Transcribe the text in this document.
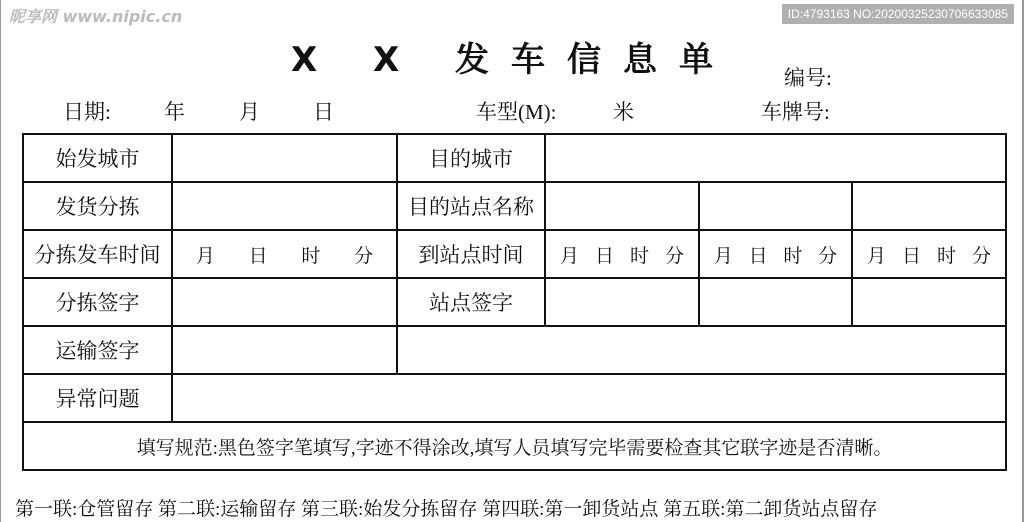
昵享网 www.nipic.cn	ID:4793163 NO:20200325230706633085
X X 发车信息单	编号:
日期:	年	月	日	车型(M):	米	车牌号:
始发城市		目的城市			
发货分拣		目的站点名称			
分拣发车时间	月 日 时 分	到站点时间	月 日 时 分	月 日 时 分	月 日 时 分

分拣签字		站点签字			
运输签字					
异常问题					
填写规范:黑色签字笔填写,字迹不得涂改,填写人员填写完毕需要检查其它联字迹是否清晰。					
第一联:仓管留存 第二联:运输留存 第三联:始发分拣留存 第四联:第一卸货站点 第五联:第二卸货站点留存
